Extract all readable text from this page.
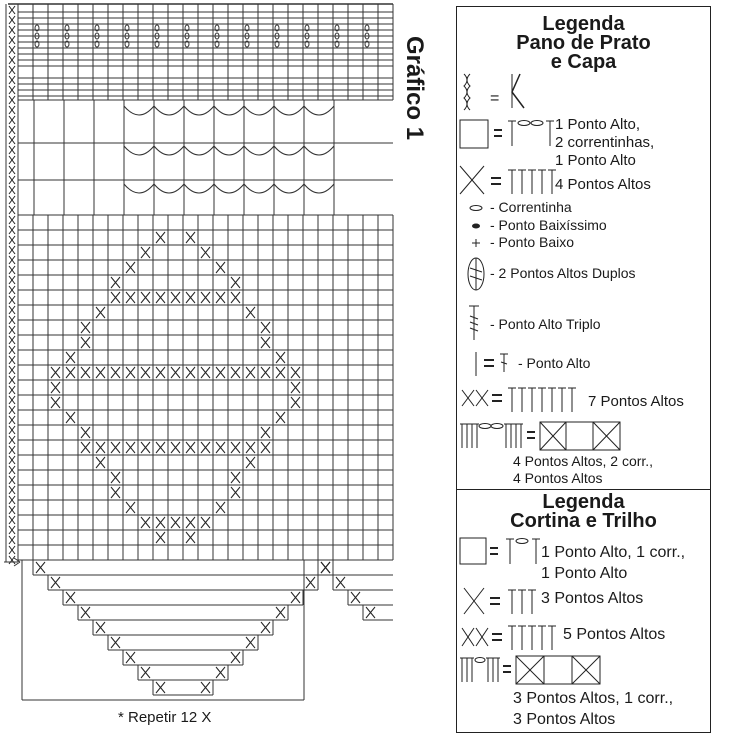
Gráfico 1
* Repetir 12 X
Legenda
Pano de Prato
e Capa
Legenda
Cortina e Trilho
=
1 Ponto Alto,
2 correntinhas,
1 Ponto Alto
4 Pontos Altos
- Correntinha
- Ponto Baixíssimo
- Ponto Baixo
- 2 Pontos Altos Duplos
- Ponto Alto Triplo
- Ponto Alto
7 Pontos Altos
4 Pontos Altos, 2 corr.,
4 Pontos Altos
1 Ponto Alto, 1 corr.,
1 Ponto Alto
3 Pontos Altos
5 Pontos Altos
3 Pontos Altos, 1 corr.,
3 Pontos Altos
